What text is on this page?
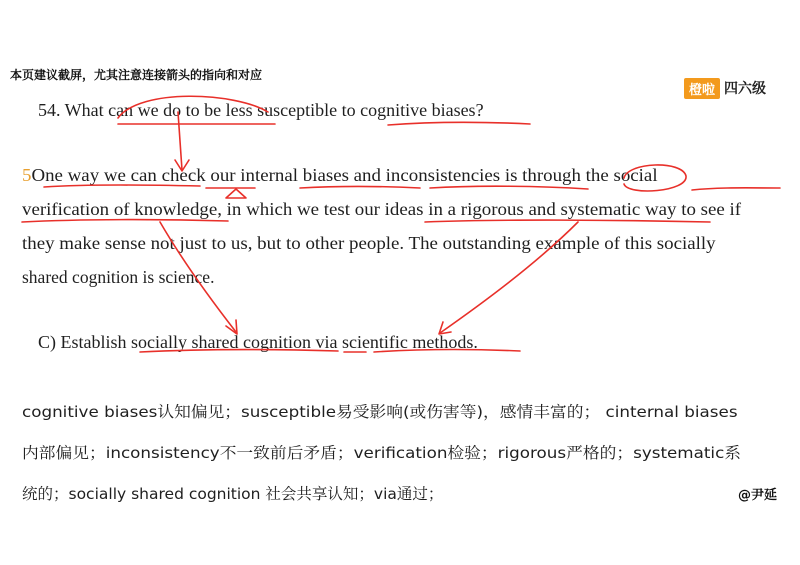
本页建议截屏，尤其注意连接箭头的指向和对应
橙啦 四六级
54. What can we do to be less susceptible to cognitive biases?
5One way we can check our internal biases and inconsistencies is through the social
verification of knowledge, in which we test our ideas in a rigorous and systematic way to see if
they make sense not just to us, but to other people. The outstanding example of this socially
shared cognition is science.
C) Establish socially shared cognition via scientific methods.
cognitive biases认知偏见；susceptible易受影响(或伤害等)，感情丰富的； cinternal biases
内部偏见；inconsistency不一致前后矛盾；verification检验；rigorous严格的；systematic系
统的；socially shared cognition 社会共享认知；via通过；	@尹延
